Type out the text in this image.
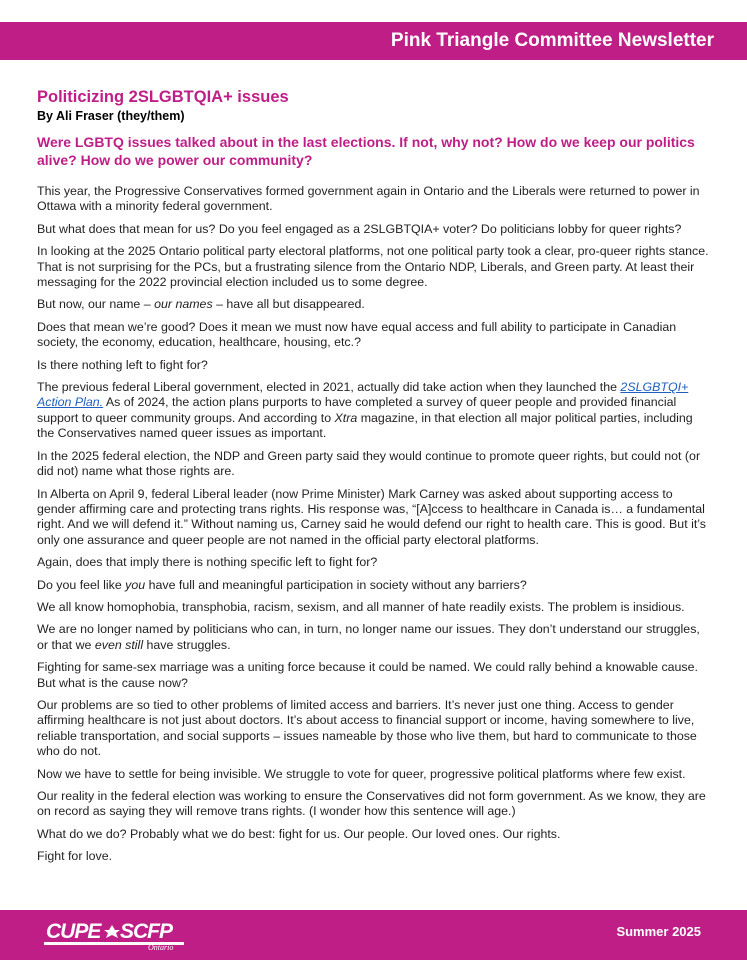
Pink Triangle Committee Newsletter
Politicizing 2SLGBTQIA+ issues

By Ali Fraser (they/them)

Were LGBTQ issues talked about in the last elections. If not, why not? How do we keep our politics alive? How do we power our community?

This year, the Progressive Conservatives formed government again in Ontario and the Liberals were returned to power in Ottawa with a minority federal government.

But what does that mean for us? Do you feel engaged as a 2SLGBTQIA+ voter? Do politicians lobby for queer rights?

In looking at the 2025 Ontario political party electoral platforms, not one political party took a clear, pro-queer rights stance. That is not surprising for the PCs, but a frustrating silence from the Ontario NDP, Liberals, and Green party. At least their messaging for the 2022 provincial election included us to some degree.

But now, our name – our names – have all but disappeared.

Does that mean we’re good? Does it mean we must now have equal access and full ability to participate in Canadian society, the economy, education, healthcare, housing, etc.?

Is there nothing left to fight for?

The previous federal Liberal government, elected in 2021, actually did take action when they launched the 2SLGBTQI+ Action Plan. As of 2024, the action plans purports to have completed a survey of queer people and provided financial support to queer community groups. And according to Xtra magazine, in that election all major political parties, including the Conservatives named queer issues as important.

In the 2025 federal election, the NDP and Green party said they would continue to promote queer rights, but could not (or did not) name what those rights are.

In Alberta on April 9, federal Liberal leader (now Prime Minister) Mark Carney was asked about supporting access to gender affirming care and protecting trans rights. His response was, “[A]ccess to healthcare in Canada is… a fundamental right. And we will defend it.” Without naming us, Carney said he would defend our right to health care. This is good. But it’s only one assurance and queer people are not named in the official party electoral platforms.

Again, does that imply there is nothing specific left to fight for?

Do you feel like you have full and meaningful participation in society without any barriers?

We all know homophobia, transphobia, racism, sexism, and all manner of hate readily exists. The problem is insidious.

We are no longer named by politicians who can, in turn, no longer name our issues. They don’t understand our struggles, or that we even still have struggles.

Fighting for same-sex marriage was a uniting force because it could be named. We could rally behind a knowable cause. But what is the cause now?

Our problems are so tied to other problems of limited access and barriers. It’s never just one thing. Access to gender affirming healthcare is not just about doctors. It’s about access to financial support or income, having somewhere to live, reliable transportation, and social supports – issues nameable by those who live them, but hard to communicate to those who do not.

Now we have to settle for being invisible. We struggle to vote for queer, progressive political platforms where few exist.

Our reality in the federal election was working to ensure the Conservatives did not form government. As we know, they are on record as saying they will remove trans rights. (I wonder how this sentence will age.)

What do we do? Probably what we do best: fight for us. Our people. Our loved ones. Our rights.

Fight for love.

CUPE SCFP
Ontario
Summer 2025
